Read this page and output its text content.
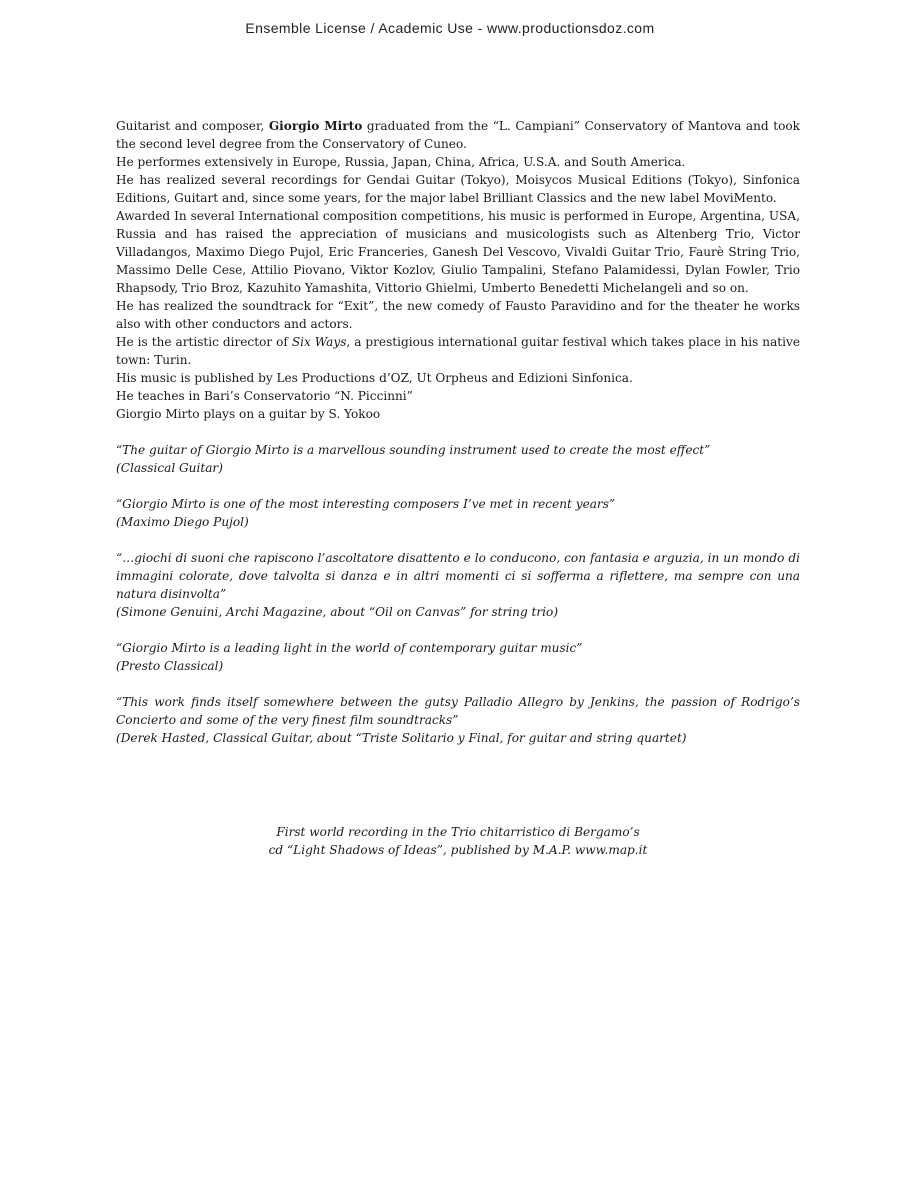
Ensemble License / Academic Use - www.productionsdoz.com

Guitarist and composer, Giorgio Mirto graduated from the “L. Campiani” Conservatory of Mantova and took the second level degree from the Conservatory of Cuneo.

He performes extensively in Europe, Russia, Japan, China, Africa, U.S.A. and South America.

He has realized several recordings for Gendai Guitar (Tokyo), Moisycos Musical Editions (Tokyo), Sinfonica Editions, Guitart and, since some years, for the major label Brilliant Classics and the new label MoviMento.

Awarded In several International composition competitions, his music is performed in Europe, Argentina, USA, Russia and has raised the appreciation of musicians and musicologists such as Altenberg Trio, Victor Villadangos, Maximo Diego Pujol, Eric Franceries, Ganesh Del Vescovo, Vivaldi Guitar Trio, Faurè String Trio, Massimo Delle Cese, Attilio Piovano, Viktor Kozlov, Giulio Tampalini, Stefano Palamidessi, Dylan Fowler, Trio Rhapsody, Trio Broz, Kazuhito Yamashita, Vittorio Ghielmi, Umberto Benedetti Michelangeli and so on.

He has realized the soundtrack for “Exit”, the new comedy of Fausto Paravidino and for the theater he works also with other conductors and actors.

He is the artistic director of Six Ways, a prestigious international guitar festival which takes place in his native town: Turin.

His music is published by Les Productions d’OZ, Ut Orpheus and Edizioni Sinfonica.

He teaches in Bari’s Conservatorio “N. Piccinni”

Giorgio Mirto plays on a guitar by S. Yokoo

“The guitar of Giorgio Mirto is a marvellous sounding instrument used to create the most effect”

(Classical Guitar)

“Giorgio Mirto is one of the most interesting composers I’ve met in recent years”

(Maximo Diego Pujol)

“…giochi di suoni che rapiscono l’ascoltatore disattento e lo conducono, con fantasia e arguzia, in un mondo di immagini colorate, dove talvolta si danza e in altri momenti ci si sofferma a riflettere, ma sempre con una natura disinvolta”

(Simone Genuini, Archi Magazine, about “Oil on Canvas” for string trio)

“Giorgio Mirto is a leading light in the world of contemporary guitar music”

(Presto Classical)

“This work finds itself somewhere between the gutsy Palladio Allegro by Jenkins, the passion of Rodrigo’s Concierto and some of the very finest film soundtracks”

(Derek Hasted, Classical Guitar, about “Triste Solitario y Final, for guitar and string quartet)

First world recording in the Trio chitarristico di Bergamo’s

cd “Light Shadows of Ideas”, published by M.A.P. www.map.it
